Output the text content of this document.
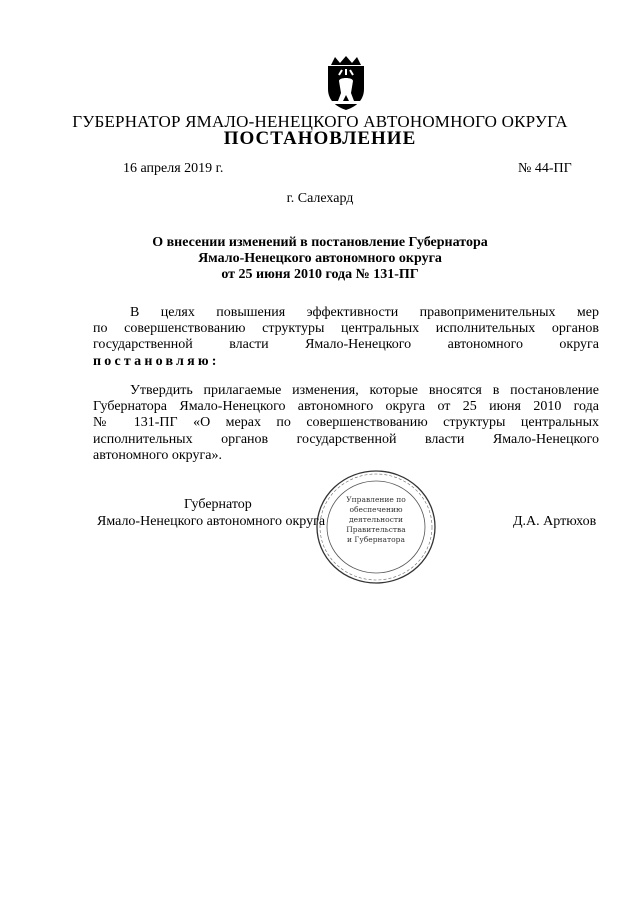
ГУБЕРНАТОР ЯМАЛО-НЕНЕЦКОГО АВТОНОМНОГО ОКРУГА
ПОСТАНОВЛЕНИЕ
16 апреля 2019 г.	№ 44-ПГ
г. Салехард
О внесении изменений в постановление Губернатора
Ямало-Ненецкого автономного округа
от 25 июня 2010 года № 131-ПГ
В целях повышения эффективности правоприменительных мер
по совершенствованию структуры центральных исполнительных органов
государственной власти Ямало-Ненецкого автономного округа
постановляю:
Утвердить прилагаемые изменения, которые вносятся в постановление
Губернатора Ямало-Ненецкого автономного округа от 25 июня 2010 года
№ 131-ПГ «О мерах по совершенствованию структуры центральных
исполнительных органов государственной власти Ямало-Ненецкого
автономного округа».
Управление по
обеспечению
деятельности
Правительства
и Губернатора
Губернатор
Ямало-Ненецкого автономного округа	Д.А. Артюхов
